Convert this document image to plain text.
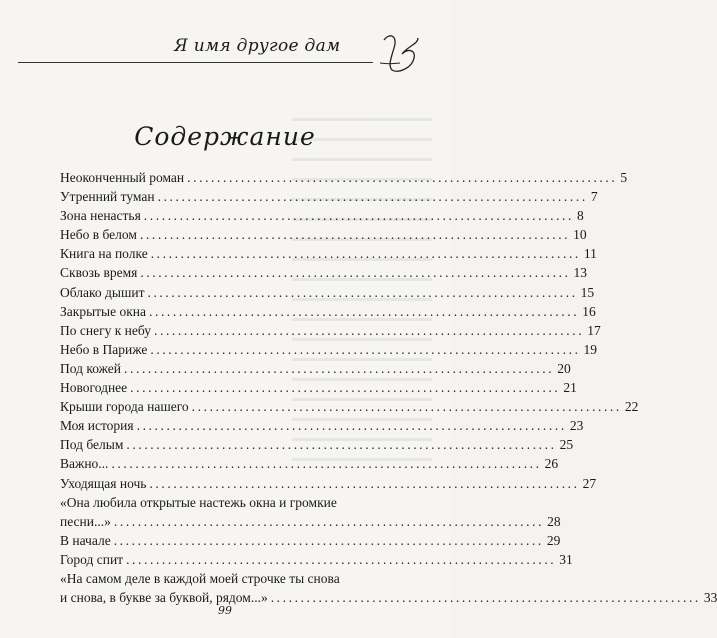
Я имя другое дам
Содержание
Неоконченный роман ........................................................................ 5
Утренний туман ........................................................................ 7
Зона ненастья ........................................................................ 8
Небо в белом ........................................................................ 10
Книга на полке ........................................................................ 11
Сквозь время ........................................................................ 13
Облако дышит ........................................................................ 15
Закрытые окна ........................................................................ 16
По снегу к небу ........................................................................ 17
Небо в Париже ........................................................................ 19
Под кожей ........................................................................ 20
Новогоднее ........................................................................ 21
Крыши города нашего ........................................................................ 22
Моя история ........................................................................ 23
Под белым ........................................................................ 25
Важно... ........................................................................ 26
Уходящая ночь ........................................................................ 27
«Она любила открытые настежь окна и громкие
песни...» ........................................................................ 28
В начале ........................................................................ 29
Город спит ........................................................................ 31
«На самом деле в каждой моей строчке ты снова
и снова, в букве за буквой, рядом...» ........................................................................ 33
99
